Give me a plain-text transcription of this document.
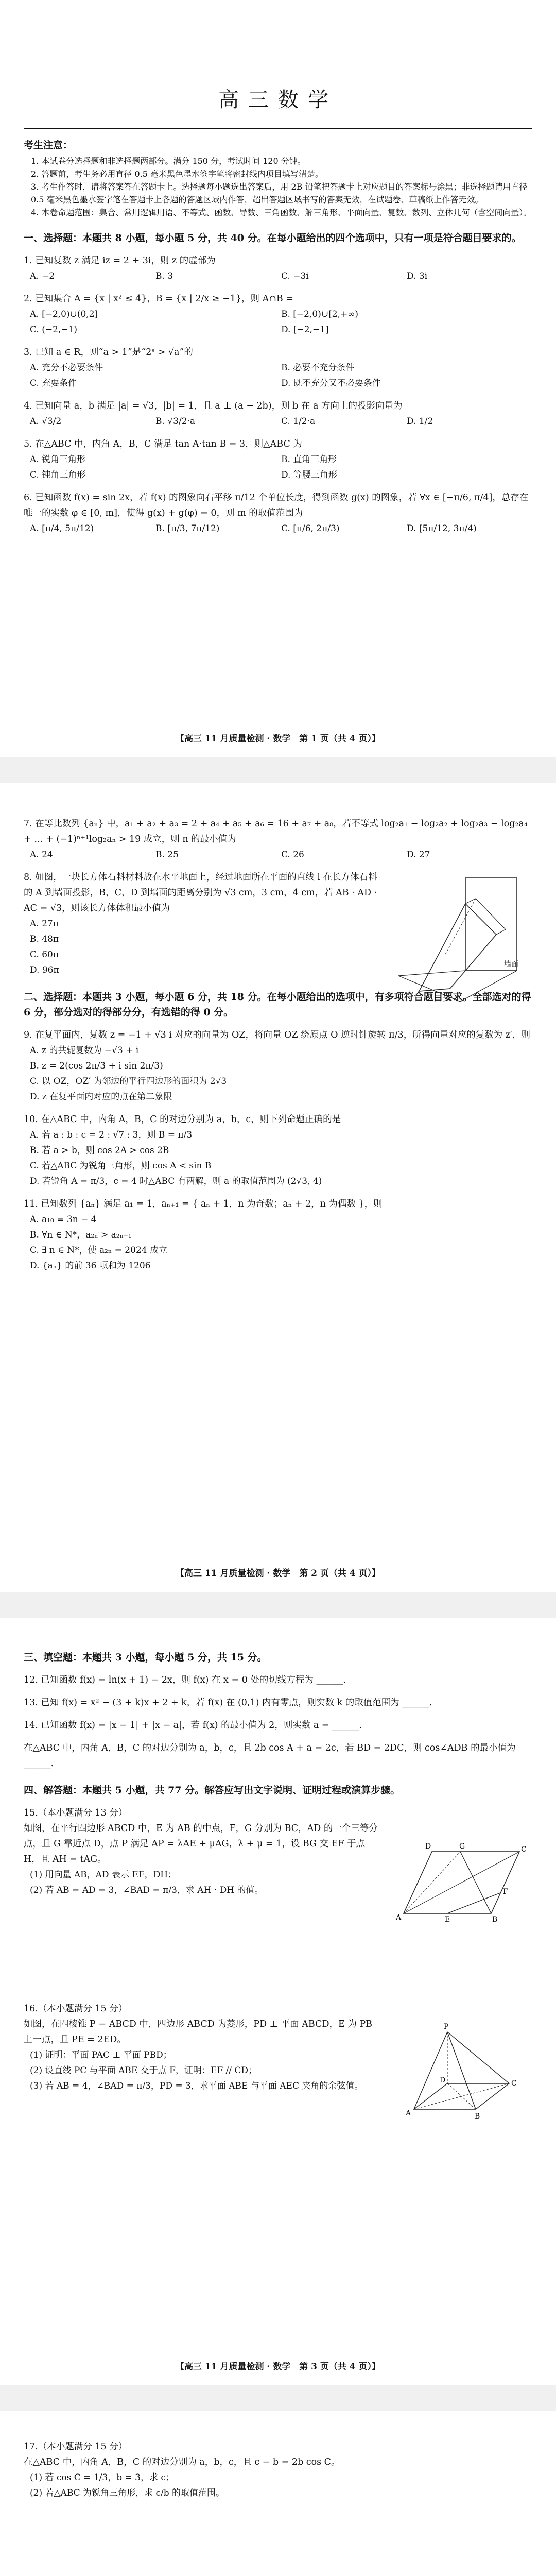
高三数学
考生注意：

1. 本试卷分选择题和非选择题两部分。满分 150 分，考试时间 120 分钟。

2. 答题前，考生务必用直径 0.5 毫米黑色墨水签字笔将密封线内项目填写清楚。

3. 考生作答时，请将答案答在答题卡上。选择题每小题选出答案后，用 2B 铅笔把答题卡上对应题目的答案标号涂黑；非选择题请用直径 0.5 毫米黑色墨水签字笔在答题卡上各题的答题区域内作答，超出答题区域书写的答案无效，在试题卷、草稿纸上作答无效。

4. 本卷命题范围：集合、常用逻辑用语、不等式、函数、导数、三角函数、解三角形、平面向量、复数、数列、立体几何（含空间向量）。

一、选择题：本题共 8 小题，每小题 5 分，共 40 分。在每小题给出的四个选项中，只有一项是符合题目要求的。

1. 已知复数 z 满足 iz = 2 + 3i，则 z 的虚部为

A. −2	B. 3	C. −3i	D. 3i

2. 已知集合 A = {x | x² ≤ 4}，B = {x | 2/x ≥ −1}，则 A∩B =

A. [−2,0)∪(0,2]	B. [−2,0)∪[2,+∞)
C. (−2,−1)	D. [−2,−1]

3. 已知 a ∈ R，则“a > 1”是“2ᵃ > √a”的

A. 充分不必要条件	B. 必要不充分条件
C. 充要条件	D. 既不充分又不必要条件

4. 已知向量 a，b 满足 |a| = √3，|b| = 1，且 a ⊥ (a − 2b)，则 b 在 a 方向上的投影向量为

A. √3/2	B. √3/2·a	C. 1/2·a	D. 1/2

5. 在△ABC 中，内角 A，B，C 满足 tan A·tan B = 3，则△ABC 为

A. 锐角三角形	B. 直角三角形
C. 钝角三角形	D. 等腰三角形

6. 已知函数 f(x) = sin 2x，若 f(x) 的图象向右平移 π/12 个单位长度，得到函数 g(x) 的图象，若 ∀x ∈ [−π/6, π/4]，总存在唯一的实数 φ ∈ [0, m]，使得 g(x) + g(φ) = 0，则 m 的取值范围为

A. [π/4, 5π/12)	B. [π/3, 7π/12)	C. [π/6, 2π/3)	D. [5π/12, 3π/4)
【高三 11 月质量检测 · 数学　第 1 页（共 4 页）】

7. 在等比数列 {aₙ} 中，a₁ + a₂ + a₃ = 2 + a₄ + a₅ + a₆ = 16 + a₇ + a₈，若不等式 log₂a₁ − log₂a₂ + log₂a₃ − log₂a₄ + … + (−1)ⁿ⁺¹log₂aₙ > 19 成立，则 n 的最小值为

A. 24	B. 25	C. 26	D. 27

8. 如图，一块长方体石料材料放在水平地面上，经过地面所在平面的直线 l 在长方体石料的 A 到墙面投影，B，C，D 到墙面的距离分别为 √3 cm，3 cm，4 cm，若 AB · AD · AC = √3，则该长方体体积最小值为

A. 27π
B. 48π
C. 60π
D. 96π
墙面
二、选择题：本题共 3 小题，每小题 6 分，共 18 分。在每小题给出的选项中，有多项符合题目要求。全部选对的得 6 分，部分选对的得部分分，有选错的得 0 分。

9. 在复平面内，复数 z = −1 + √3 i 对应的向量为 OZ，将向量 OZ 绕原点 O 逆时针旋转 π/3，所得向量对应的复数为 z′，则

A. z 的共轭复数为 −√3 + i
B. z = 2(cos 2π/3 + i sin 2π/3)
C. 以 OZ，OZ′ 为邻边的平行四边形的面积为 2√3
D. z 在复平面内对应的点在第二象限

10. 在△ABC 中，内角 A，B，C 的对边分别为 a，b，c，则下列命题正确的是

A. 若 a : b : c = 2 : √7 : 3，则 B = π/3
B. 若 a > b，则 cos 2A > cos 2B
C. 若△ABC 为锐角三角形，则 cos A < sin B
D. 若锐角 A = π/3，c = 4 时△ABC 有两解，则 a 的取值范围为 (2√3, 4)

11. 已知数列 {aₙ} 满足 a₁ = 1，aₙ₊₁ = { aₙ + 1，n 为奇数；aₙ + 2，n 为偶数 }，则

A. a₁₀ = 3n − 4
B. ∀n ∈ N*，a₂ₙ > a₂ₙ₋₁
C. ∃ n ∈ N*，使 a₂ₙ = 2024 成立
D. {aₙ} 的前 36 项和为 1206
【高三 11 月质量检测 · 数学　第 2 页（共 4 页）】
三、填空题：本题共 3 小题，每小题 5 分，共 15 分。

12. 已知函数 f(x) = ln(x + 1) − 2x，则 f(x) 在 x = 0 处的切线方程为 ______.

13. 已知 f(x) = x² − (3 + k)x + 2 + k，若 f(x) 在 (0,1) 内有零点，则实数 k 的取值范围为 ______.

14. 已知函数 f(x) = |x − 1| + |x − a|，若 f(x) 的最小值为 2，则实数 a = ______.

在△ABC 中，内角 A，B，C 的对边分别为 a，b，c，且 2b cos A + a = 2c，若 BD = 2DC，则 cos∠ADB 的最小值为 ______.

四、解答题：本题共 5 小题，共 77 分。解答应写出文字说明、证明过程或演算步骤。

15.（本小题满分 13 分）

如图，在平行四边形 ABCD 中，E 为 AB 的中点，F，G 分别为 BC，AD 的一个三等分点，且 G 靠近点 D，点 P 满足 AP = λAE + μAG，λ + μ = 1，设 BG 交 EF 于点 H，且 AH = tAG。

(1) 用向量 AB，AD 表示 EF，DH；

(2) 若 AB = AD = 3，∠BAD = π/3，求 AH · DH 的值。

A	B
C
D
E
F
G

16.（本小题满分 15 分）

如图，在四棱锥 P − ABCD 中，四边形 ABCD 为菱形，PD ⊥ 平面 ABCD，E 为 PB 上一点，且 PE = 2ED。

(1) 证明：平面 PAC ⊥ 平面 PBD；

(2) 设直线 PC 与平面 ABE 交于点 F，证明：EF // CD；

(3) 若 AB = 4，∠BAD = π/3，PD = 3，求平面 ABE 与平面 AEC 夹角的余弦值。

P
A	B
C
D
【高三 11 月质量检测 · 数学　第 3 页（共 4 页）】

17.（本小题满分 15 分）

在△ABC 中，内角 A，B，C 的对边分别为 a，b，c，且 c − b = 2b cos C。

(1) 若 cos C = 1/3，b = 3，求 c；

(2) 若△ABC 为锐角三角形，求 c/b 的取值范围。
